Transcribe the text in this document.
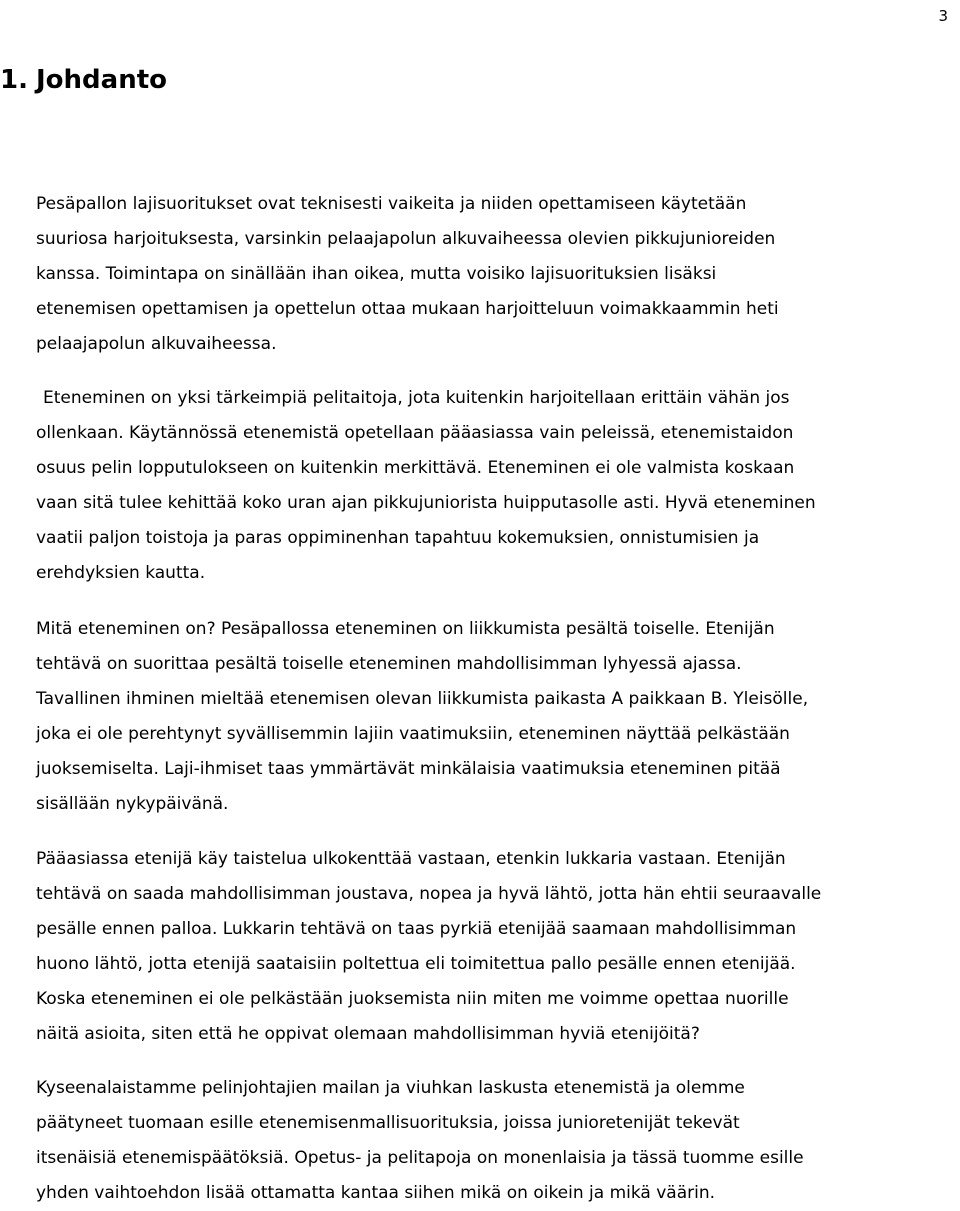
3
1. Johdanto

Pesäpallon lajisuoritukset ovat teknisesti vaikeita ja niiden opettamiseen käytetään
suuriosa harjoituksesta, varsinkin pelaajapolun alkuvaiheessa olevien pikkujunioreiden
kanssa. Toimintapa on sinällään ihan oikea, mutta voisiko lajisuorituksien lisäksi
etenemisen opettamisen ja opettelun ottaa mukaan harjoitteluun voimakkaammin heti
pelaajapolun alkuvaiheessa.

Eteneminen on yksi tärkeimpiä pelitaitoja, jota kuitenkin harjoitellaan erittäin vähän jos
ollenkaan. Käytännössä etenemistä opetellaan pääasiassa vain peleissä, etenemistaidon
osuus pelin lopputulokseen on kuitenkin merkittävä. Eteneminen ei ole valmista koskaan
vaan sitä tulee kehittää koko uran ajan pikkujuniorista huipputasolle asti. Hyvä eteneminen
vaatii paljon toistoja ja paras oppiminenhan tapahtuu kokemuksien, onnistumisien ja
erehdyksien kautta.

Mitä eteneminen on? Pesäpallossa eteneminen on liikkumista pesältä toiselle. Etenijän
tehtävä on suorittaa pesältä toiselle eteneminen mahdollisimman lyhyessä ajassa.
Tavallinen ihminen mieltää etenemisen olevan liikkumista paikasta A paikkaan B. Yleisölle,
joka ei ole perehtynyt syvällisemmin lajiin vaatimuksiin, eteneminen näyttää pelkästään
juoksemiselta. Laji-ihmiset taas ymmärtävät minkälaisia vaatimuksia eteneminen pitää
sisällään nykypäivänä.

Pääasiassa etenijä käy taistelua ulkokenttää vastaan, etenkin lukkaria vastaan. Etenijän
tehtävä on saada mahdollisimman joustava, nopea ja hyvä lähtö, jotta hän ehtii seuraavalle
pesälle ennen palloa. Lukkarin tehtävä on taas pyrkiä etenijää saamaan mahdollisimman
huono lähtö, jotta etenijä saataisiin poltettua eli toimitettua pallo pesälle ennen etenijää.
Koska eteneminen ei ole pelkästään juoksemista niin miten me voimme opettaa nuorille
näitä asioita, siten että he oppivat olemaan mahdollisimman hyviä etenijöitä?

Kyseenalaistamme pelinjohtajien mailan ja viuhkan laskusta etenemistä ja olemme
päätyneet tuomaan esille etenemisenmallisuorituksia, joissa junioretenijät tekevät
itsenäisiä etenemispäätöksiä. Opetus- ja pelitapoja on monenlaisia ja tässä tuomme esille
yhden vaihtoehdon lisää ottamatta kantaa siihen mikä on oikein ja mikä väärin.
